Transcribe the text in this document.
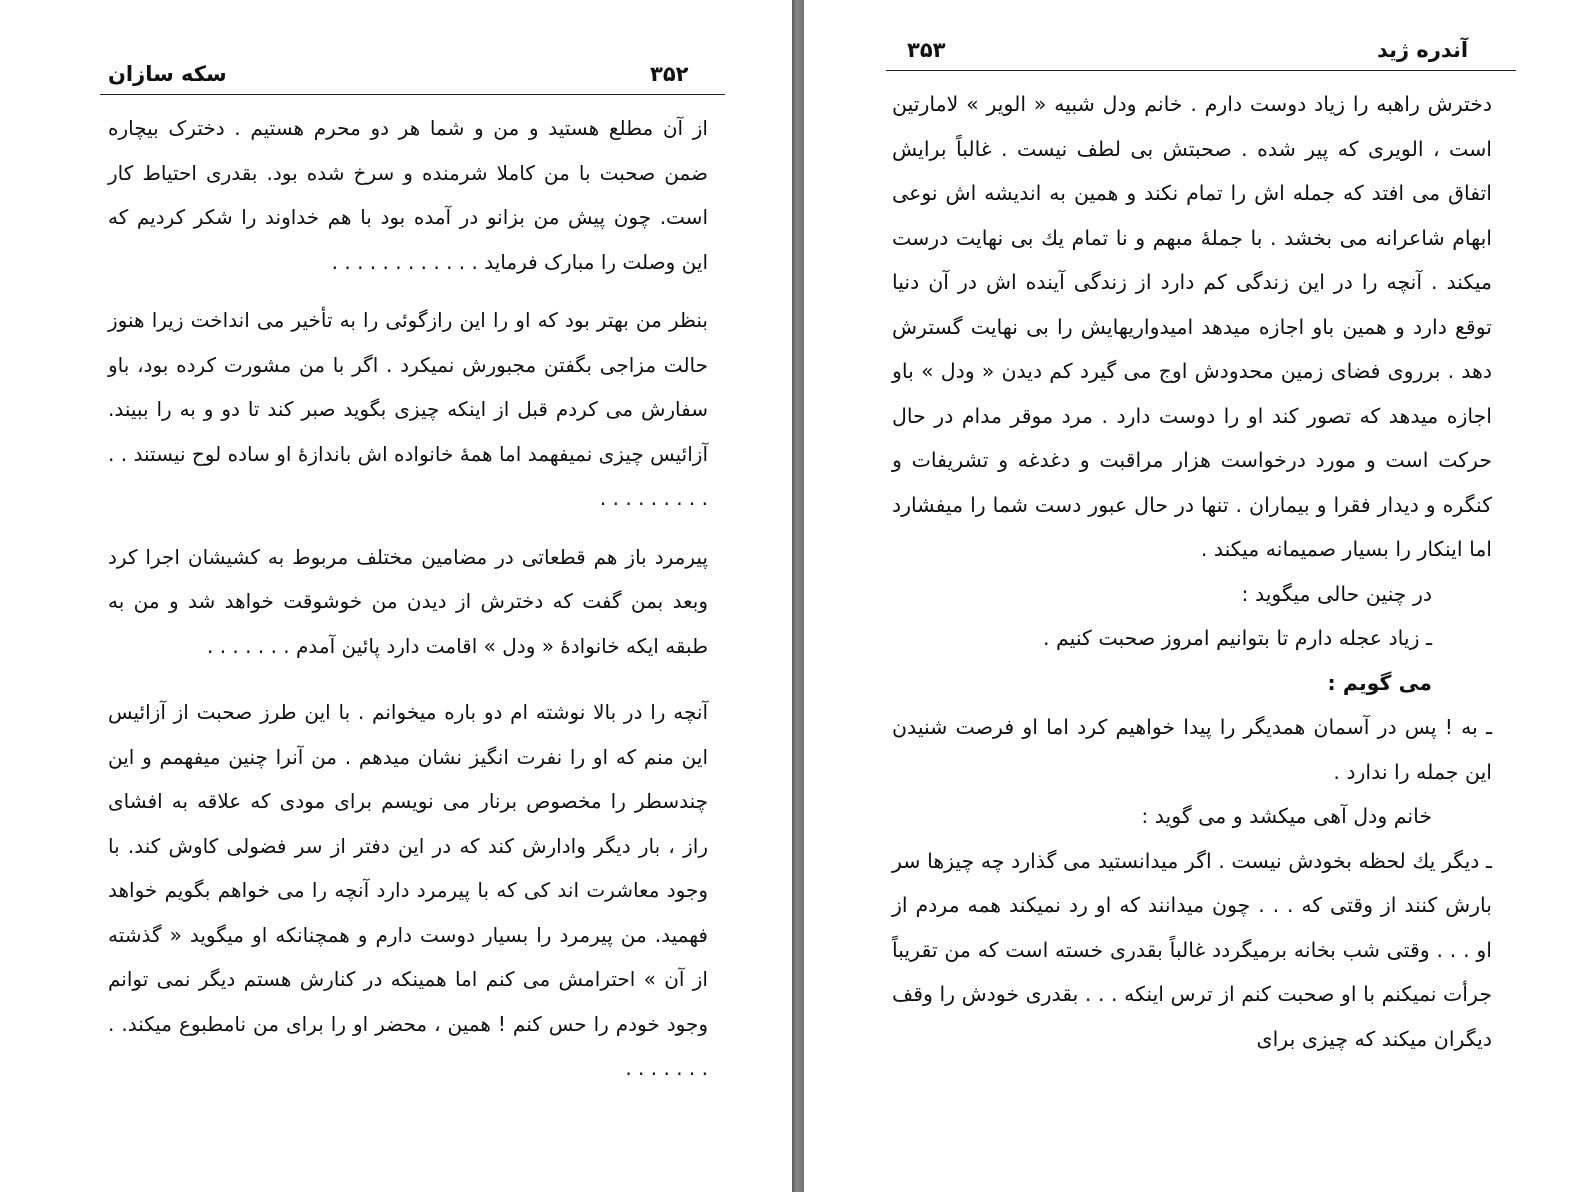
۳۵۲
سکه سازان

از آن مطلع هستید و من و شما هر دو محرم هستیم . دخترک بیچاره ضمن صحبت با من کاملا شرمنده و سرخ شده بود. بقدری احتیاط کار است. چون پیش من بزانو در آمده بود با هم خداوند را شکر کردیم که این وصلت را مبارک فرماید . . . . . . . . . . . .

بنظر من بهتر بود که او را این رازگوئی را به تأخیر می انداخت زیرا هنوز حالت مزاجی بگفتن مجبورش نمیکرد . اگر با من مشورت کرده بود، باو سفارش می کردم قبل از اینکه چیزی بگوید صبر کند تا دو و به را ببیند. آزائیس چیزی نمیفهمد اما همهٔ خانواده اش باندازهٔ او ساده لوح نیستند . . . . . . . . . . .

پیرمرد باز هم قطعاتی در مضامین مختلف مربوط به کشیشان اجرا کرد وبعد بمن گفت که دخترش از دیدن من خوشوقت خواهد شد و من به طبقه ایکه خانوادهٔ « ودل » اقامت دارد پائین آمدم . . . . . . .

آنچه را در بالا نوشته ام دو باره میخوانم . با این طرز صحبت از آزائیس این منم که او را نفرت انگیز نشان میدهم . من آنرا چنین میفهمم و این چندسطر را مخصوص برنار می نویسم برای مودی که علاقه به افشای راز ، بار دیگر وادارش کند که در این دفتر از سر فضولی کاوش کند. با وجود معاشرت اند کی که با پیرمرد دارد آنچه را می خواهم بگویم خواهد فهمید. من پیرمرد را بسیار دوست دارم و همچنانکه او میگوید « گذشته از آن » احترامش می کنم اما همینکه در کنارش هستم دیگر نمی توانم وجود خودم را حس کنم ! همین ، محضر او را برای من نامطبوع میکند. . . . . . . . .

آندره ژید
۳۵۳

دخترش راهبه را زیاد دوست دارم . خانم ودل شبیه « الویر » لامارتین است ، الویری که پیر شده . صحبتش بی لطف نیست . غالباً برایش اتفاق می افتد که جمله اش را تمام نکند و همین به اندیشه اش نوعی ابهام شاعرانه می بخشد . با جملهٔ مبهم و نا تمام یك بی نهایت درست میکند . آنچه را در این زندگی کم دارد از زندگی آینده اش در آن دنیا توقع دارد و همین باو اجازه میدهد امیدواریهایش را بی نهایت گسترش دهد . برروی فضای زمین محدودش اوج می گیرد کم دیدن « ودل » باو اجازه میدهد که تصور کند او را دوست دارد . مرد موقر مدام در حال حرکت است و مورد درخواست هزار مراقبت و دغدغه و تشریفات و کنگره و دیدار فقرا و بیماران . تنها در حال عبور دست شما را میفشارد اما اینکار را بسیار صمیمانه میکند .

در چنین حالی میگوید :

ـ زیاد عجله دارم تا بتوانیم امروز صحبت کنیم .

می گویم :

ـ به ! پس در آسمان همدیگر را پیدا خواهیم کرد اما او فرصت شنیدن این جمله را ندارد .

خانم ودل آهی میکشد و می گوید :

ـ دیگر یك لحظه بخودش نیست . اگر میدانستید می گذارد چه چیزها سر بارش کنند از وقتی که . . . چون میدانند که او رد نمیکند همه مردم از او . . . وقتی شب بخانه برمیگردد غالباً بقدری خسته است که من تقریباً جرأت نمیکنم با او صحبت کنم از ترس اینکه . . . بقدری خودش را وقف دیگران میکند که چیزی برای
